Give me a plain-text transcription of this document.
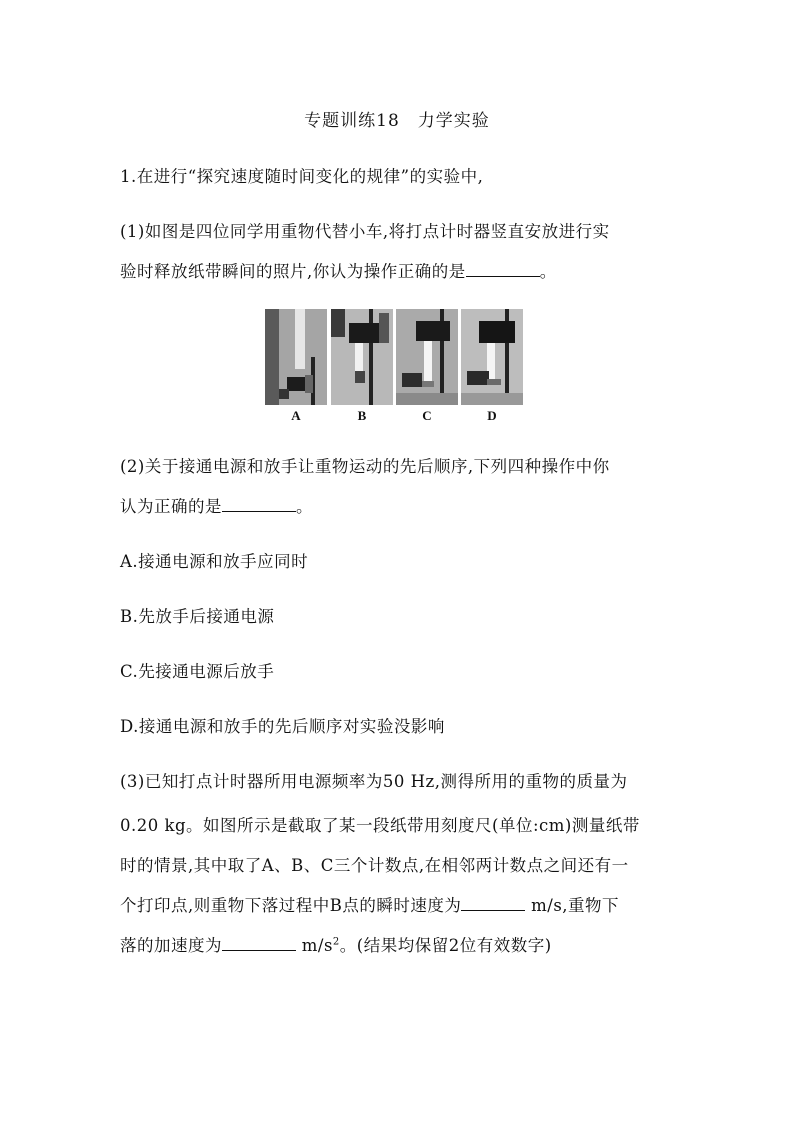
专题训练18　力学实验
1.在进行“探究速度随时间变化的规律”的实验中,
(1)如图是四位同学用重物代替小车,将打点计时器竖直安放进行实
验时释放纸带瞬间的照片,你认为操作正确的是	。
A	B	C	D
(2)关于接通电源和放手让重物运动的先后顺序,下列四种操作中你
认为正确的是	。
A.接通电源和放手应同时
B.先放手后接通电源
C.先接通电源后放手
D.接通电源和放手的先后顺序对实验没影响
(3)已知打点计时器所用电源频率为50 Hz,测得所用的重物的质量为
0.20 kg。如图所示是截取了某一段纸带用刻度尺(单位:cm)测量纸带
时的情景,其中取了A、B、C三个计数点,在相邻两计数点之间还有一
个打印点,则重物下落过程中B点的瞬时速度为	m/s,重物下
落的加速度为	$m/s^2$。(结果均保留2位有效数字)
